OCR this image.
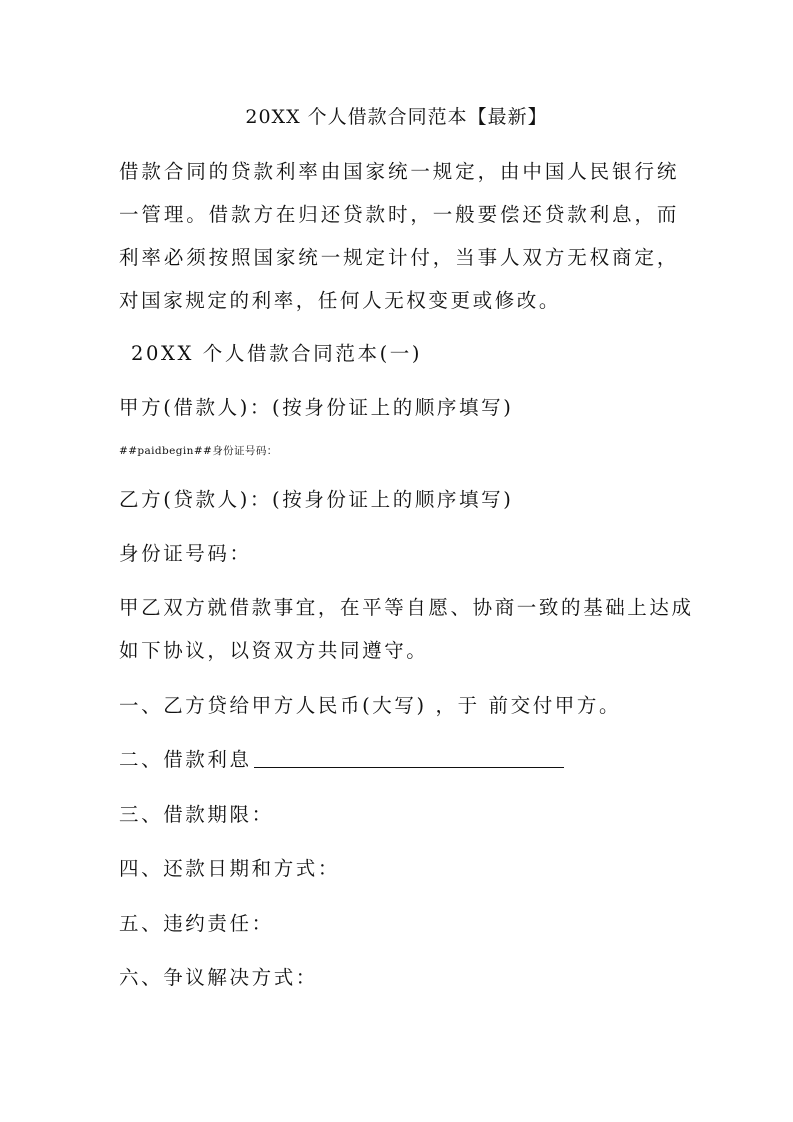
20XX 个人借款合同范本【最新】
借款合同的贷款利率由国家统一规定，由中国人民银行统一管理。借款方在归还贷款时，一般要偿还贷款利息，而利率必须按照国家统一规定计付，当事人双方无权商定，对国家规定的利率，任何人无权变更或修改。
20XX 个人借款合同范本(一)
甲方(借款人)：(按身份证上的顺序填写)
##paidbegin##身份证号码：
乙方(贷款人)：(按身份证上的顺序填写)
身份证号码：
甲乙双方就借款事宜，在平等自愿、协商一致的基础上达成
如下协议，以资双方共同遵守。
一、乙方贷给甲方人民币(大写) ，于 前交付甲方。
二、借款利息
三、借款期限：
四、还款日期和方式：
五、违约责任：
六、争议解决方式：
